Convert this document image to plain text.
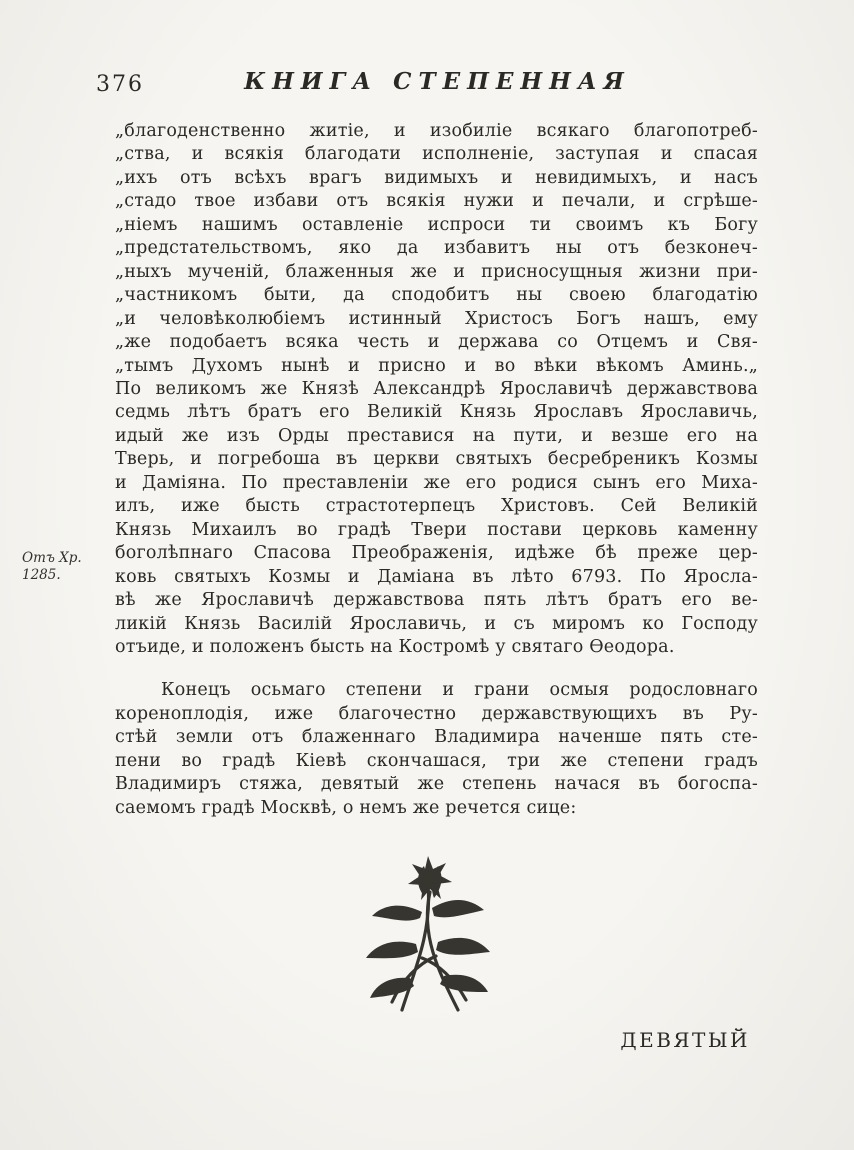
376	КНИГА СТЕПЕННАЯ
Отъ Хр.
1285.
„благоденственно житіе, и изобиліе всякаго благопотреб-
„ства, и всякія благодати исполненіе, заступая и спасая
„ихъ отъ всѣхъ врагъ видимыхъ и невидимыхъ, и насъ
„стадо твое избави отъ всякія нужи и печали, и сгрѣше-
„ніемъ нашимъ оставленіе испроси ти своимъ къ Богу
„предстательствомъ, яко да избавитъ ны отъ безконеч-
„ныхъ мученій, блаженныя же и присносущныя жизни при-
„частникомъ быти, да сподобитъ ны своею благодатію
„и человѣколюбіемъ истинный Христосъ Богъ нашъ, ему
„же подобаетъ всяка честь и держава со Отцемъ и Свя-
„тымъ Духомъ нынѣ и присно и во вѣки вѣкомъ Аминь.„
По великомъ же Князѣ Александрѣ Ярославичѣ державствова
седмь лѣтъ братъ его Великій Князь Ярославъ Ярославичь,
идый же изъ Орды преставися на пути, и везше его на
Тверь, и погребоша въ церкви святыхъ бесребреникъ Козмы
и Даміяна. По преставленіи же его родися сынъ его Миха-
илъ, иже бысть страстотерпецъ Христовъ. Сей Великій
Князь Михаилъ во градѣ Твери постави церковь каменну
боголѣпнаго Спасова Преображенія, идѣже бѣ преже цер-
ковь святыхъ Козмы и Даміана въ лѣто 6793. По Яросла-
вѣ же Ярославичѣ державствова пять лѣтъ братъ его ве-
ликій Князь Василій Ярославичь, и съ миромъ ко Господу
отъиде, и положенъ бысть на Костромѣ у святаго Ѳеодора.
Конецъ осьмаго степени и грани осмыя родословнаго
кореноплодія, иже благочестно державствующихъ въ Ру-
стѣй земли отъ блаженнаго Владимира наченше пять сте-
пени во градѣ Кіевѣ скончашася, три же степени градъ
Владимиръ стяжа, девятый же степень начася въ богоспа-
саемомъ градѣ Москвѣ, о немъ же речется сице:
ДЕВЯТЫЙ
